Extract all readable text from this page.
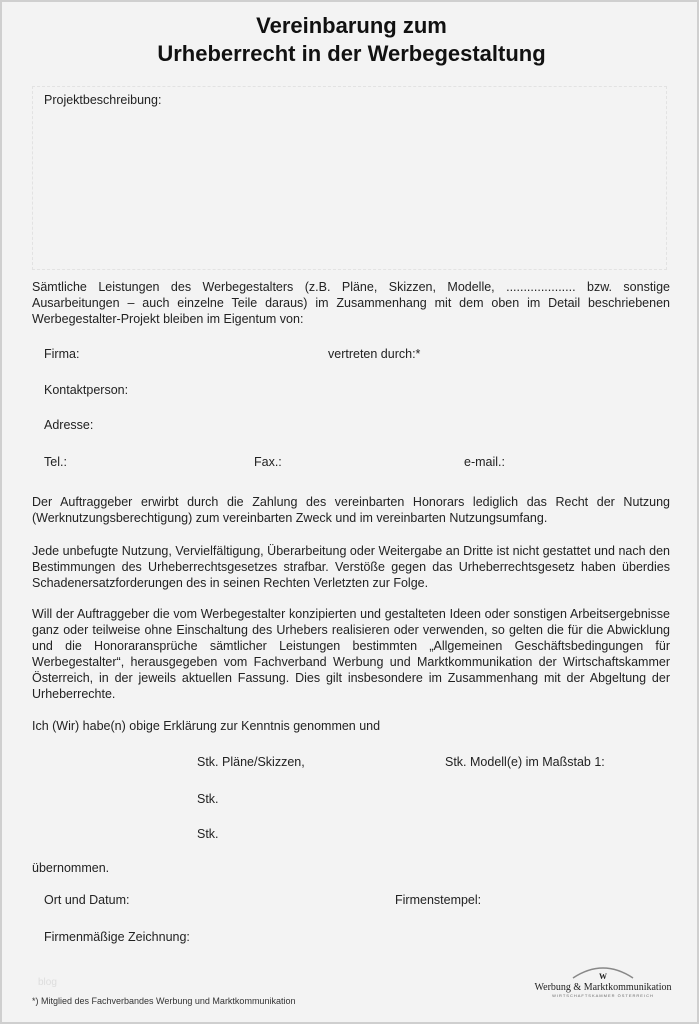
Vereinbarung zum
Urheberrecht in der Werbegestaltung
Projektbeschreibung:
Sämtliche Leistungen des Werbegestalters (z.B. Pläne, Skizzen, Modelle, .................... bzw. sonstige Ausarbeitungen – auch einzelne Teile daraus) im Zusammenhang mit dem oben im Detail beschriebenen Werbegestalter-Projekt bleiben im Eigentum von:
Firma:	vertreten durch:*
Kontaktperson:
Adresse:
Tel.:	Fax.:	e-mail.:
Der Auftraggeber erwirbt durch die Zahlung des vereinbarten Honorars lediglich das Recht der Nutzung (Werknutzungsberechtigung) zum vereinbarten Zweck und im vereinbarten Nutzungsumfang.
Jede unbefugte Nutzung, Vervielfältigung, Überarbeitung oder Weitergabe an Dritte ist nicht gestattet und nach den Bestimmungen des Urheberrechtsgesetzes strafbar. Verstöße gegen das Urheberrechtsgesetz haben überdies Schadenersatzforderungen des in seinen Rechten Verletzten zur Folge.
Will der Auftraggeber die vom Werbegestalter konzipierten und gestalteten Ideen oder sonstigen Arbeitsergebnisse ganz oder teilweise ohne Einschaltung des Urhebers realisieren oder verwenden, so gelten die für die Abwicklung und die Honoraransprüche sämtlicher Leistungen bestimmten „Allgemeinen Geschäftsbedingungen für Werbegestalter“, herausgegeben vom Fachverband Werbung und Marktkommunikation der Wirtschaftskammer Österreich, in der jeweils aktuellen Fassung. Dies gilt insbesondere im Zusammenhang mit der Abgeltung der Urheberrechte.
Ich (Wir) habe(n) obige Erklärung zur Kenntnis genommen und
Stk. Pläne/Skizzen,	Stk. Modell(e) im Maßstab 1:
Stk.
Stk.
übernommen.
Ort und Datum:	Firmenstempel:
Firmenmäßige Zeichnung:
blog
*) Mitglied des Fachverbandes Werbung und Marktkommunikation
W
Werbung & Marktkommunikation
WIRTSCHAFTSKAMMER ÖSTERREICH
